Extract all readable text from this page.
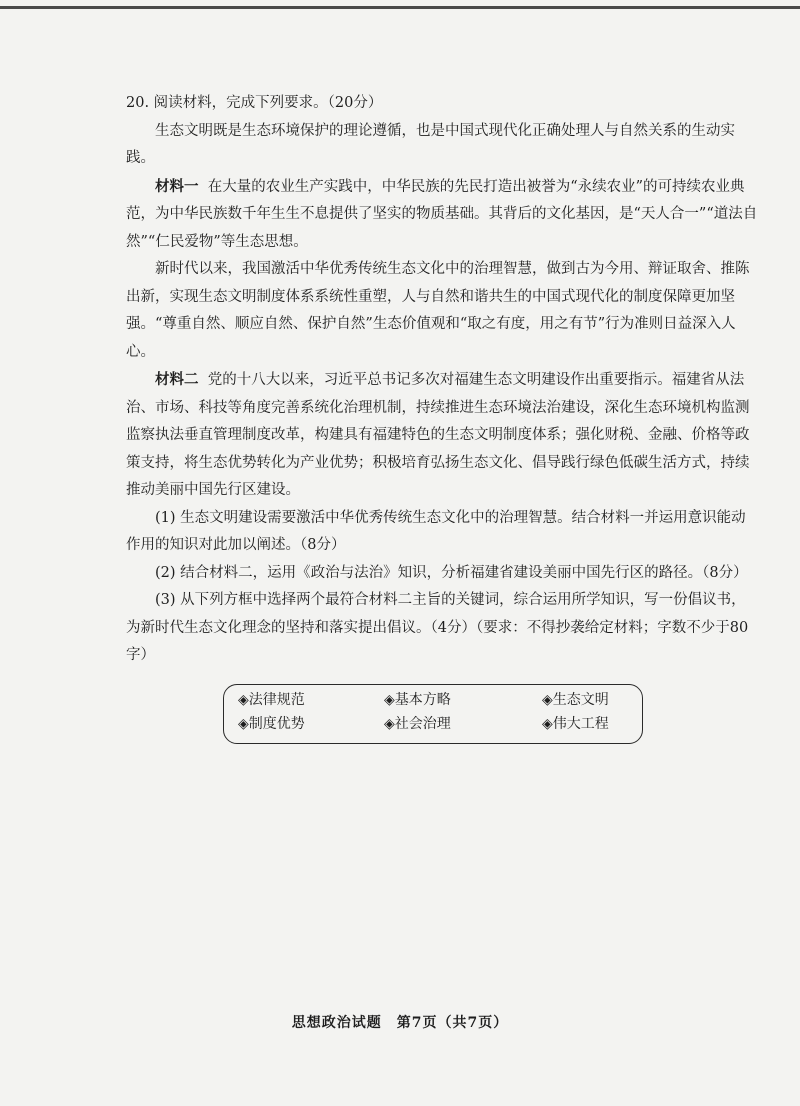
20. 阅读材料，完成下列要求。（20分）

生态文明既是生态环境保护的理论遵循，也是中国式现代化正确处理人与自然关系的生动实践。

材料一 在大量的农业生产实践中，中华民族的先民打造出被誉为“永续农业”的可持续农业典范，为中华民族数千年生生不息提供了坚实的物质基础。其背后的文化基因，是“天人合一”“道法自然”“仁民爱物”等生态思想。

新时代以来，我国激活中华优秀传统生态文化中的治理智慧，做到古为今用、辩证取舍、推陈出新，实现生态文明制度体系系统性重塑，人与自然和谐共生的中国式现代化的制度保障更加坚强。“尊重自然、顺应自然、保护自然”生态价值观和“取之有度，用之有节”行为准则日益深入人心。

材料二 党的十八大以来，习近平总书记多次对福建生态文明建设作出重要指示。福建省从法治、市场、科技等角度完善系统化治理机制，持续推进生态环境法治建设，深化生态环境机构监测监察执法垂直管理制度改革，构建具有福建特色的生态文明制度体系；强化财税、金融、价格等政策支持，将生态优势转化为产业优势；积极培育弘扬生态文化、倡导践行绿色低碳生活方式，持续推动美丽中国先行区建设。

(1) 生态文明建设需要激活中华优秀传统生态文化中的治理智慧。结合材料一并运用意识能动作用的知识对此加以阐述。（8分）

(2) 结合材料二，运用《政治与法治》知识，分析福建省建设美丽中国先行区的路径。（8分）

(3) 从下列方框中选择两个最符合材料二主旨的关键词，综合运用所学知识，写一份倡议书，为新时代生态文化理念的坚持和落实提出倡议。（4分）（要求：不得抄袭给定材料；字数不少于80字）

◈法律规范	◈基本方略	◈生态文明
◈制度优势	◈社会治理	◈伟大工程
思想政治试题　第7页（共7页）
